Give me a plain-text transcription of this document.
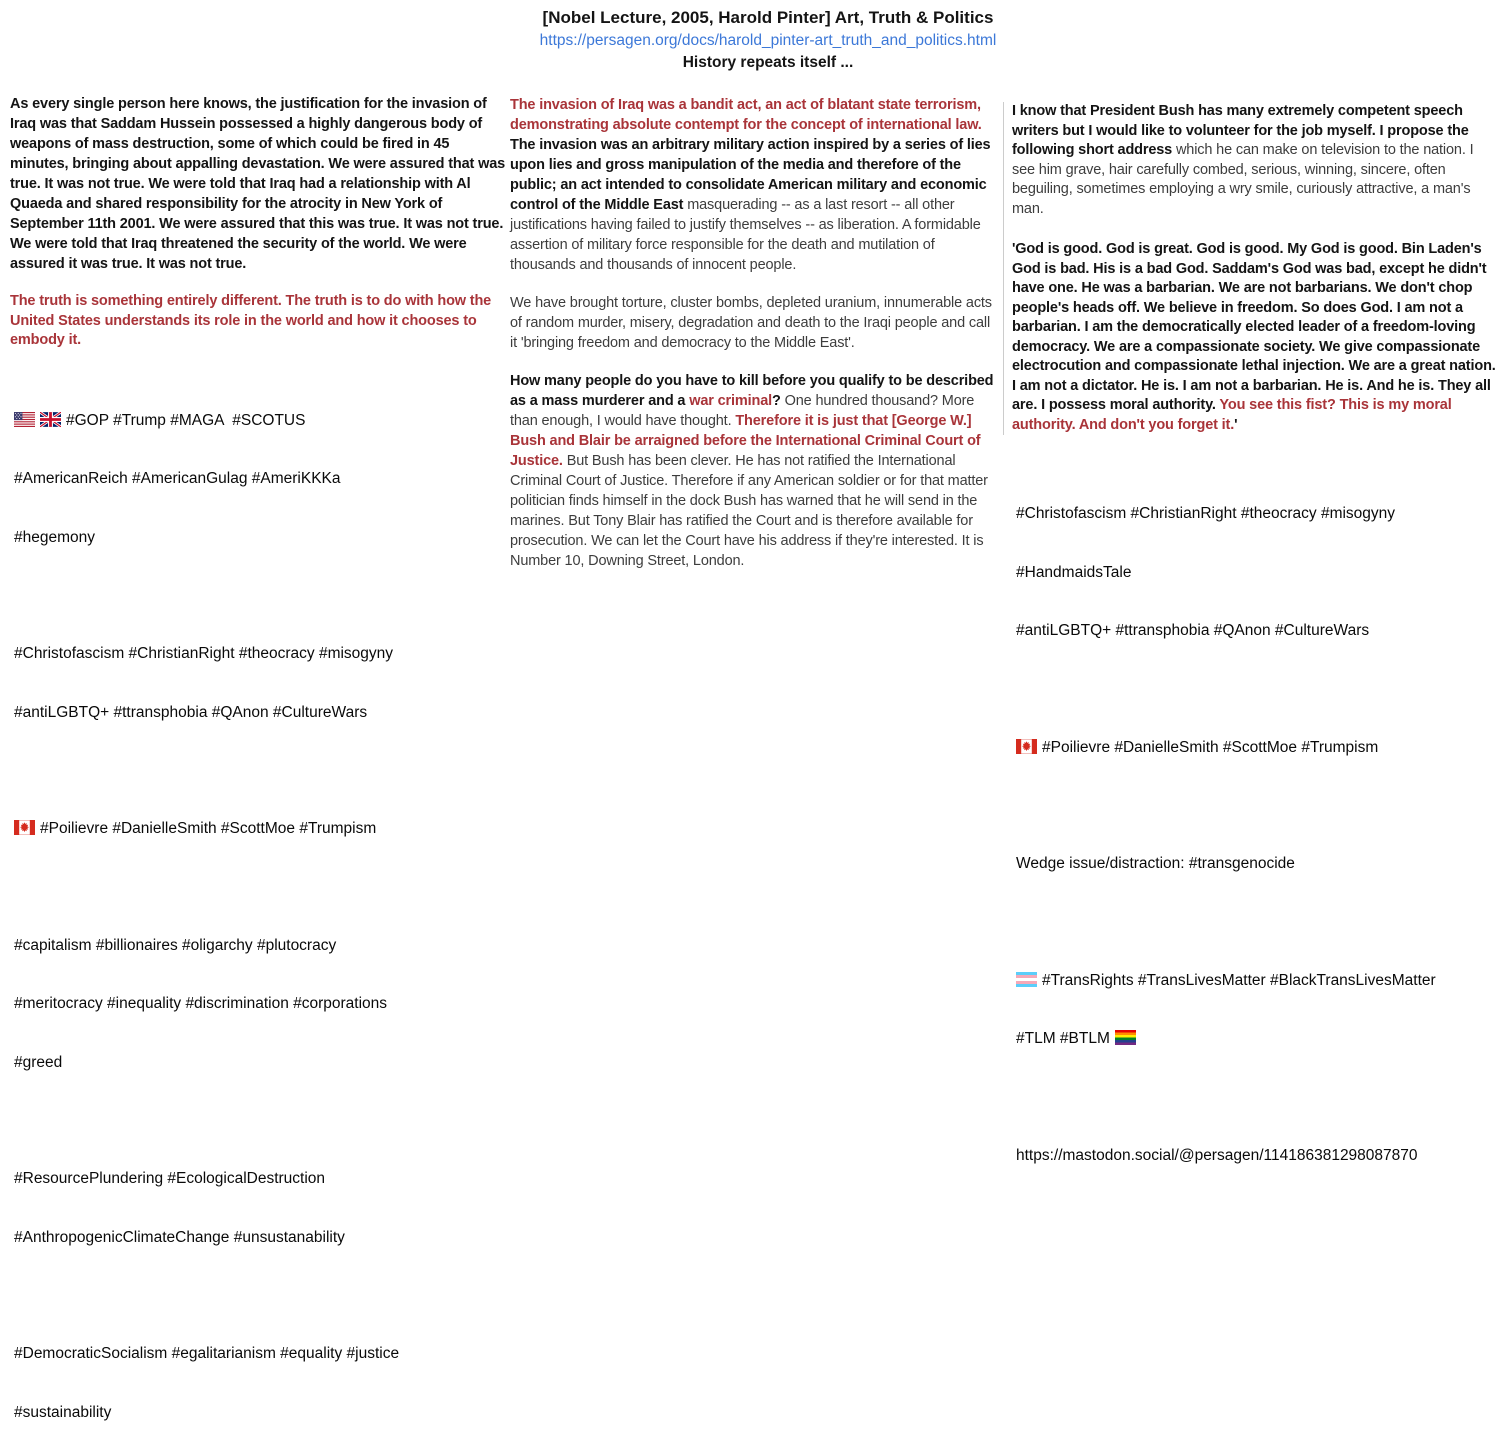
[Nobel Lecture, 2005, Harold Pinter] Art, Truth & Politics
https://persagen.org/docs/harold_pinter-art_truth_and_politics.html
History repeats itself ...

As every single person here knows, the justification for the invasion of Iraq was that Saddam Hussein possessed a highly dangerous body of weapons of mass destruction, some of which could be fired in 45 minutes, bringing about appalling devastation. We were assured that was true. It was not true. We were told that Iraq had a relationship with Al Quaeda and shared responsibility for the atrocity in New York of September 11th 2001. We were assured that this was true. It was not true. We were told that Iraq threatened the security of the world. We were assured it was true. It was not true.

The truth is something entirely different. The truth is to do with how the United States understands its role in the world and how it chooses to embody it.

#GOP #Trump #MAGA  #SCOTUS

#AmericanReich #AmericanGulag #AmeriKKKa

#hegemony

#Christofascism #ChristianRight #theocracy #misogyny

#antiLGBTQ+ #ttransphobia #QAnon #CultureWars

#Poilievre #DanielleSmith #ScottMoe #Trumpism

#capitalism #billionaires #oligarchy #plutocracy

#meritocracy #inequality #discrimination #corporations

#greed

#ResourcePlundering #EcologicalDestruction

#AnthropogenicClimateChange #unsustanability

#DemocraticSocialism #egalitarianism #equality #justice

#sustainability

The invasion of Iraq was a bandit act, an act of blatant state terrorism, demonstrating absolute contempt for the concept of international law. The invasion was an arbitrary military action inspired by a series of lies upon lies and gross manipulation of the media and therefore of the public; an act intended to consolidate American military and economic control of the Middle East masquerading -- as a last resort -- all other justifications having failed to justify themselves -- as liberation. A formidable assertion of military force responsible for the death and mutilation of thousands and thousands of innocent people.

We have brought torture, cluster bombs, depleted uranium, innumerable acts of random murder, misery, degradation and death to the Iraqi people and call it 'bringing freedom and democracy to the Middle East'.

How many people do you have to kill before you qualify to be described as a mass murderer and a war criminal? One hundred thousand? More than enough, I would have thought. Therefore it is just that [George W.] Bush and Blair be arraigned before the International Criminal Court of Justice. But Bush has been clever. He has not ratified the International Criminal Court of Justice. Therefore if any American soldier or for that matter politician finds himself in the dock Bush has warned that he will send in the marines. But Tony Blair has ratified the Court and is therefore available for prosecution. We can let the Court have his address if they're interested. It is Number 10, Downing Street, London.

I know that President Bush has many extremely competent speech writers but I would like to volunteer for the job myself. I propose the following short address which he can make on television to the nation. I see him grave, hair carefully combed, serious, winning, sincere, often beguiling, sometimes employing a wry smile, curiously attractive, a man's man.

'God is good. God is great. God is good. My God is good. Bin Laden's God is bad. His is a bad God. Saddam's God was bad, except he didn't have one. He was a barbarian. We are not barbarians. We don't chop people's heads off. We believe in freedom. So does God. I am not a barbarian. I am the democratically elected leader of a freedom-loving democracy. We are a compassionate society. We give compassionate electrocution and compassionate lethal injection. We are a great nation. I am not a dictator. He is. I am not a barbarian. He is. And he is. They all are. I possess moral authority. You see this fist? This is my moral authority. And don't you forget it.'

#Christofascism #ChristianRight #theocracy #misogyny

#HandmaidsTale

#antiLGBTQ+ #ttransphobia #QAnon #CultureWars

#Poilievre #DanielleSmith #ScottMoe #Trumpism

Wedge issue/distraction: #transgenocide

#TransRights #TransLivesMatter #BlackTransLivesMatter

#TLM #BTLM

https://mastodon.social/@persagen/114186381298087870
